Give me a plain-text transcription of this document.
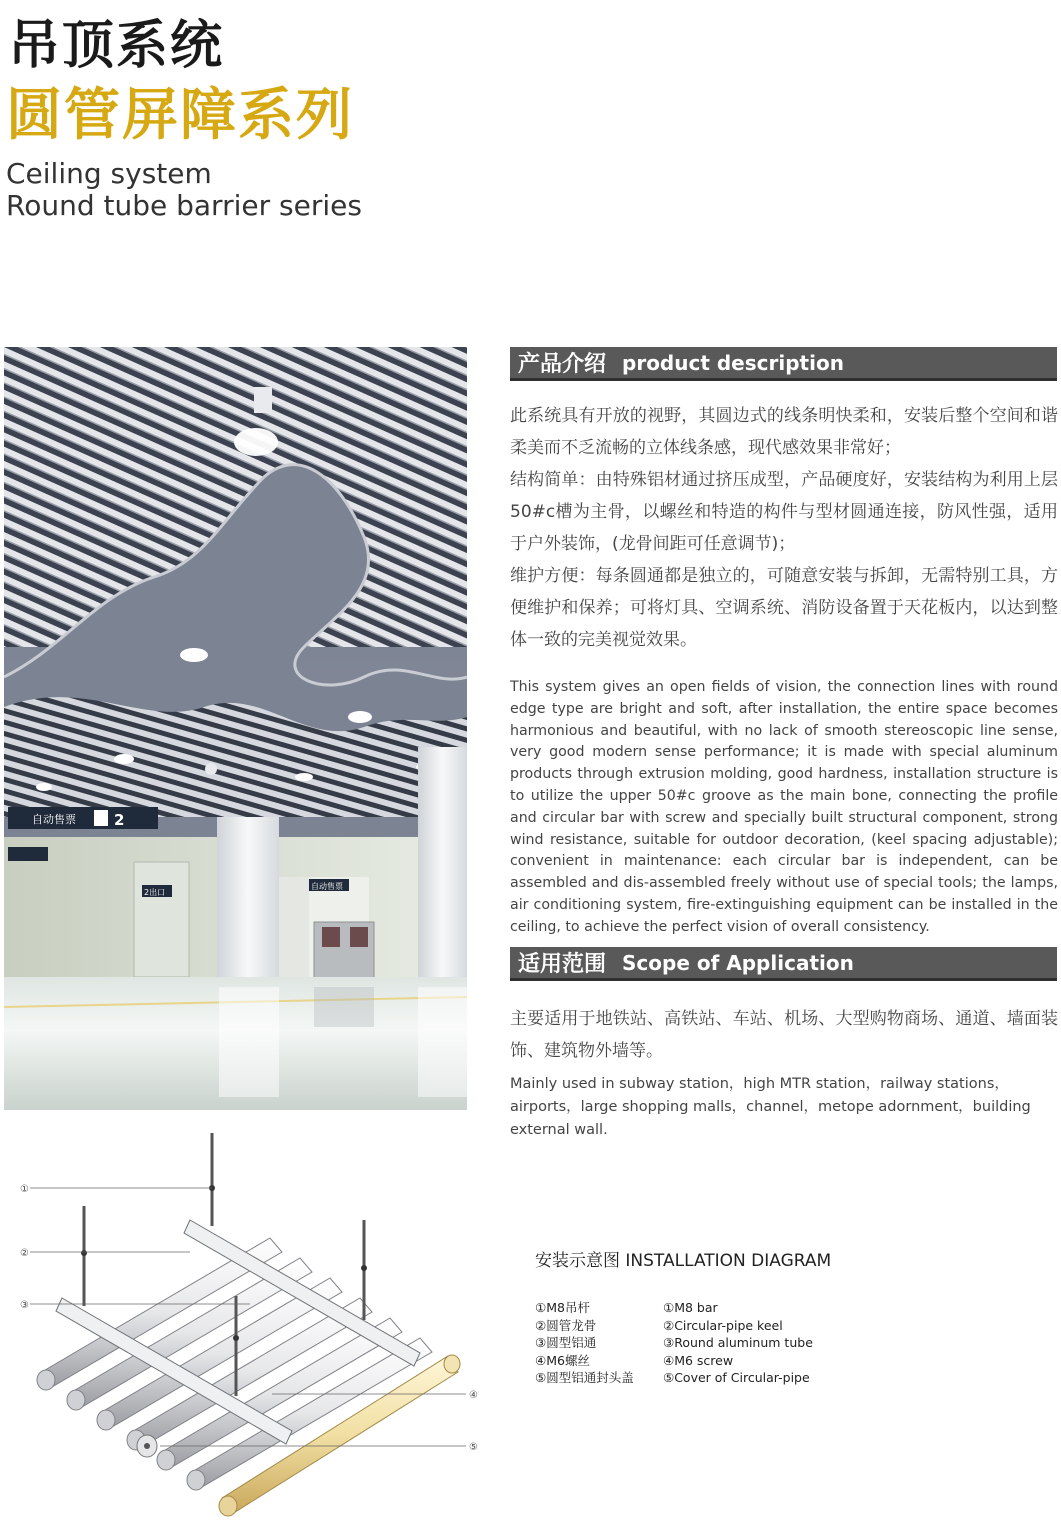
吊顶系统
圆管屏障系列
Ceiling system
Round tube barrier series
自动售票	2
2出口
自动售票
产品介绍 product description
此系统具有开放的视野，其圆边式的线条明快柔和，安装后整个空间和谐柔美而不乏流畅的立体线条感，现代感效果非常好；
结构简单：由特殊铝材通过挤压成型，产品硬度好，安装结构为利用上层50#c槽为主骨，以螺丝和特造的构件与型材圆通连接，防风性强，适用于户外装饰，(龙骨间距可任意调节)；
维护方便：每条圆通都是独立的，可随意安装与拆卸，无需特别工具，方便维护和保养；可将灯具、空调系统、消防设备置于天花板内，以达到整体一致的完美视觉效果。
This system gives an open fields of vision, the connection lines with round edge type are bright and soft, after installation, the entire space becomes harmonious and beautiful, with no lack of smooth stereoscopic line sense, very good modern sense performance; it is made with special aluminum products through extrusion molding, good hardness, installation structure is to utilize the upper 50#c groove as the main bone, connecting the profile and circular bar with screw and specially built structural component, strong wind resistance, suitable for outdoor decoration, (keel spacing adjustable); convenient in maintenance: each circular bar is independent, can be assembled and dis-assembled freely without use of special tools; the lamps, air conditioning system, fire-extinguishing equipment can be installed in the ceiling, to achieve the perfect vision of overall consistency.
适用范围 Scope of Application
主要适用于地铁站、高铁站、车站、机场、大型购物商场、通道、墙面装饰、建筑物外墙等。
Mainly used in subway station，high MTR station，railway stations，airports，large shopping malls，channel，metope adornment，building external wall.
①
②
③
④
⑤
安装示意图 INSTALLATION DIAGRAM
①M8吊杆
②圆管龙骨
③圆型铝通
④M6螺丝
⑤圆型铝通封头盖
①M8 bar
②Circular-pipe keel
③Round aluminum tube
④M6 screw
⑤Cover of Circular-pipe
